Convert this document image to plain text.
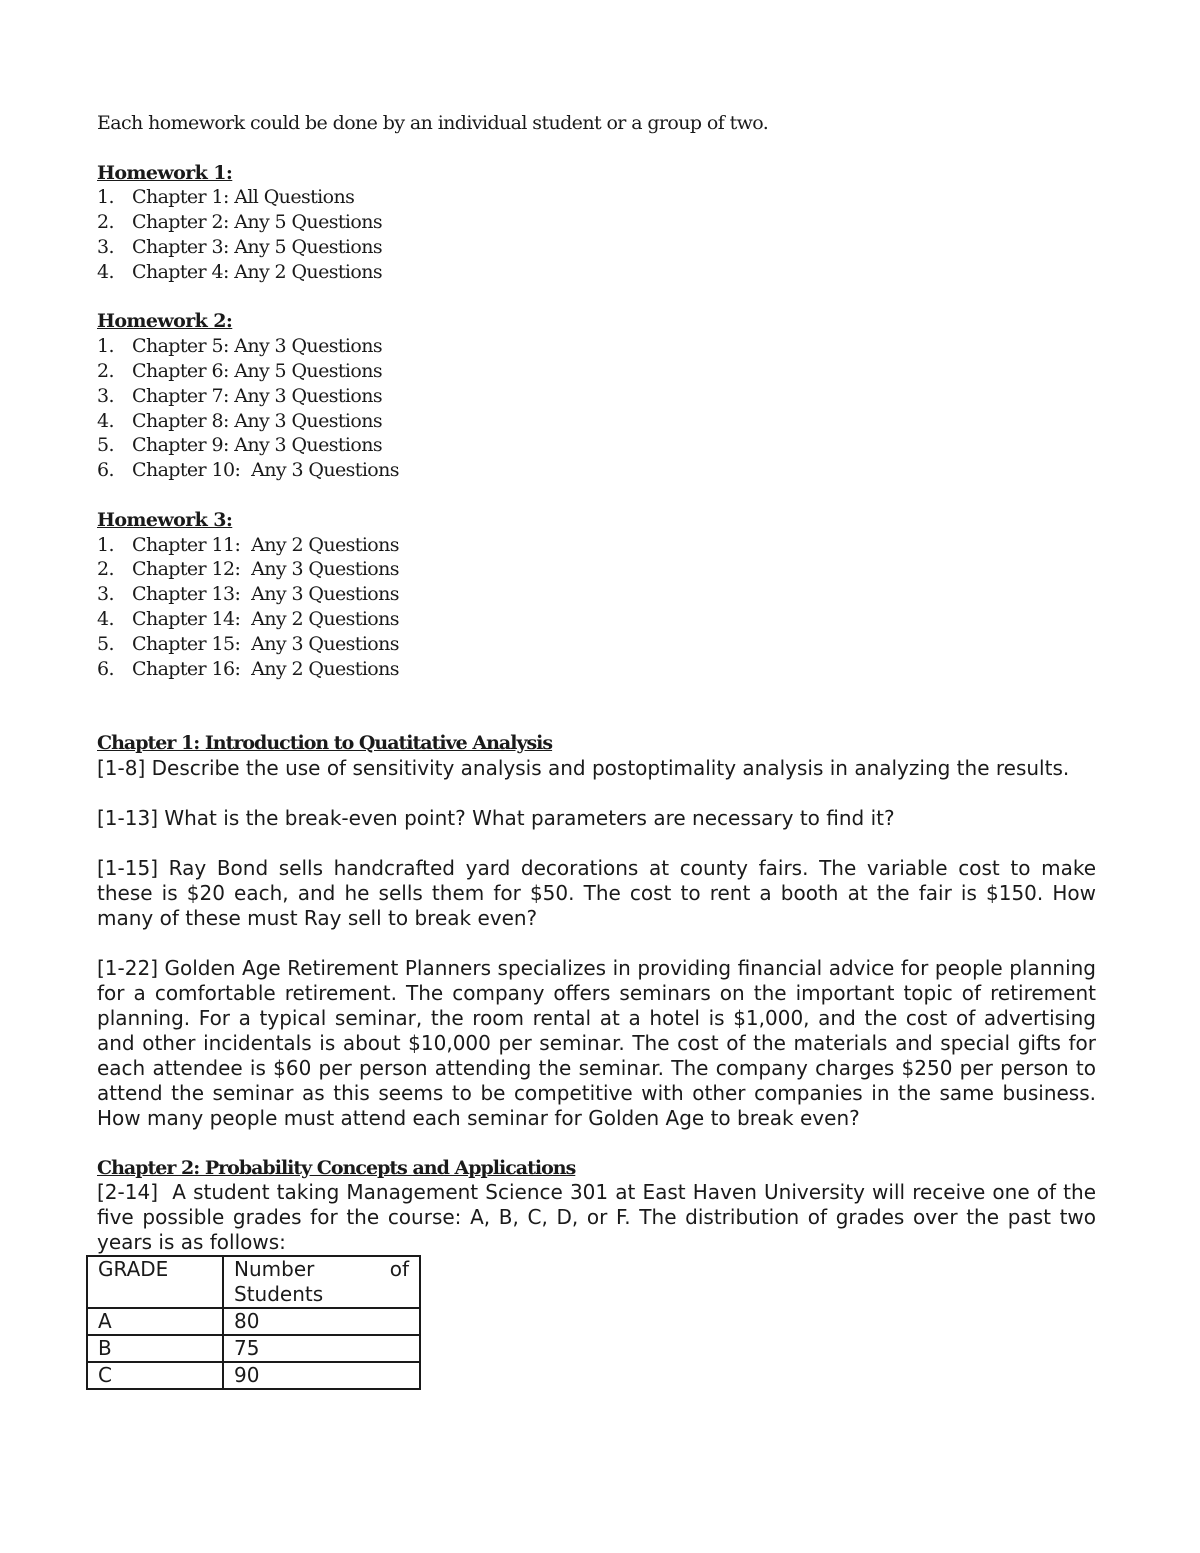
Each homework could be done by an individual student or a group of two.

Homework 1:

1. Chapter 1: All Questions
2. Chapter 2: Any 5 Questions
3. Chapter 3: Any 5 Questions
4. Chapter 4: Any 2 Questions

Homework 2:

1. Chapter 5: Any 3 Questions
2. Chapter 6: Any 5 Questions
3. Chapter 7: Any 3 Questions
4. Chapter 8: Any 3 Questions
5. Chapter 9: Any 3 Questions
6. Chapter 10:  Any 3 Questions

Homework 3:

1. Chapter 11:  Any 2 Questions
2. Chapter 12:  Any 3 Questions
3. Chapter 13:  Any 3 Questions
4. Chapter 14:  Any 2 Questions
5. Chapter 15:  Any 3 Questions
6. Chapter 16:  Any 2 Questions

Chapter 1: Introduction to Quatitative Analysis

[1-8] Describe the use of sensitivity analysis and postoptimality analysis in analyzing the results.

[1-13] What is the break-even point? What parameters are necessary to find it?

[1-15] Ray Bond sells handcrafted yard decorations at county fairs. The variable cost to make these is $20 each, and he sells them for $50. The cost to rent a booth at the fair is $150. How many of these must Ray sell to break even?

[1-22] Golden Age Retirement Planners specializes in providing financial advice for people planning for a comfortable retirement. The company offers seminars on the important topic of retirement planning. For a typical seminar, the room rental at a hotel is $1,000, and the cost of advertising and other incidentals is about $10,000 per seminar. The cost of the materials and special gifts for each attendee is $60 per person attending the seminar. The company charges $250 per person to attend the seminar as this seems to be competitive with other companies in the same business. How many people must attend each seminar for Golden Age to break even?

Chapter 2: Probability Concepts and Applications

[2-14]  A student taking Management Science 301 at East Haven University will receive one of the five possible grades for the course: A, B, C, D, or F. The distribution of grades over the past two years is as follows:

GRADE	Number of
Students

A	80
B	75
C	90
